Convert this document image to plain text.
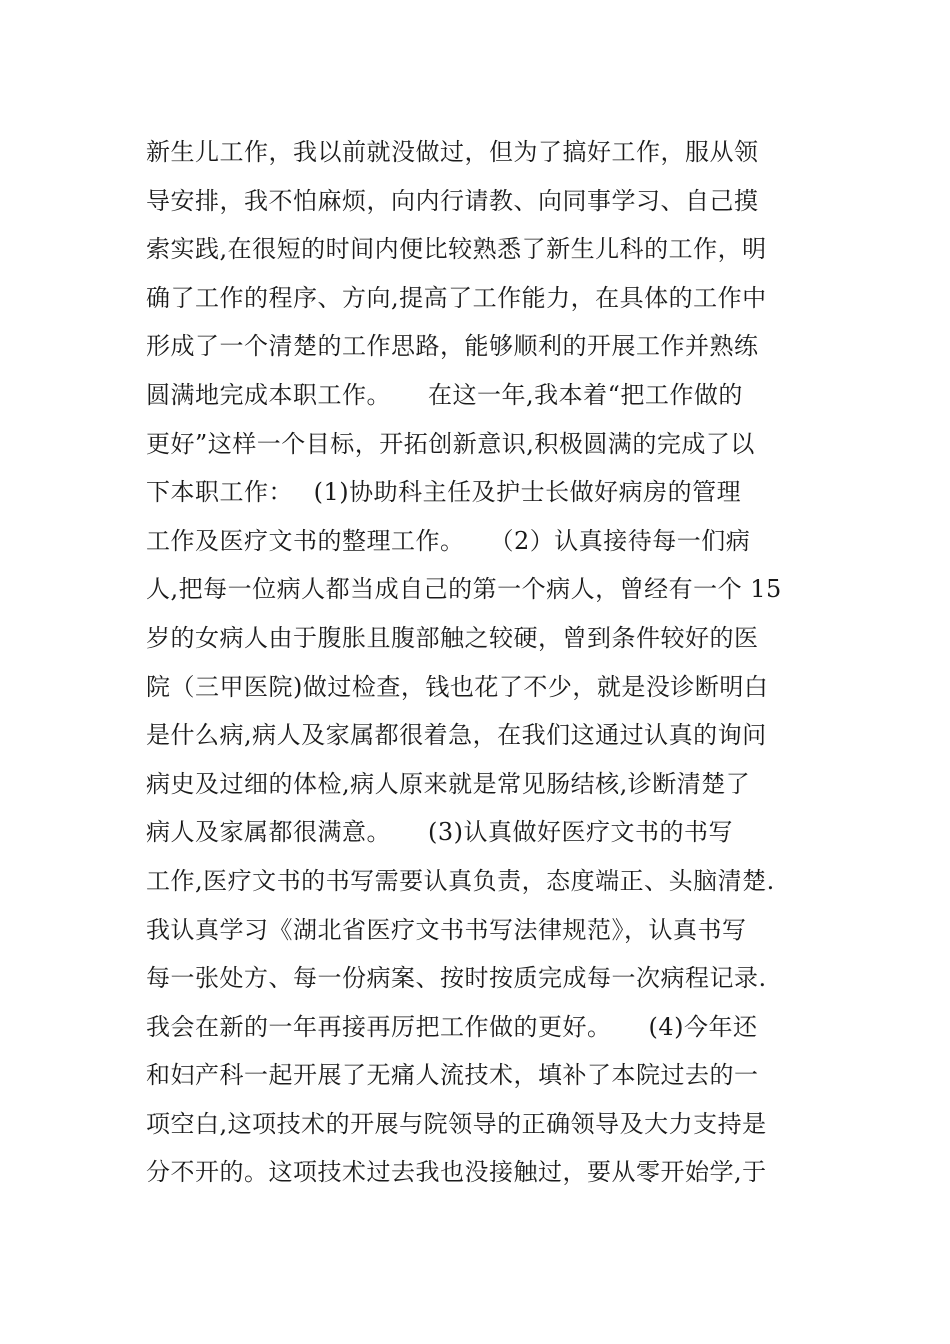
新生儿工作，我以前就没做过，但为了搞好工作，服从领
导安排，我不怕麻烦，向内行请教、向同事学习、自己摸
索实践,在很短的时间内便比较熟悉了新生儿科的工作，明
确了工作的程序、方向,提高了工作能力，在具体的工作中
形成了一个清楚的工作思路，能够顺利的开展工作并熟练
圆满地完成本职工作。　　在这一年,我本着“把工作做的
更好”这样一个目标，开拓创新意识,积极圆满的完成了以
下本职工作：　 (1)协助科主任及护士长做好病房的管理
工作及医疗文书的整理工作。　　（2）认真接待每一们病
人,把每一位病人都当成自己的第一个病人，曾经有一个 15
岁的女病人由于腹胀且腹部触之较硬，曾到条件较好的医
院（三甲医院)做过检查，钱也花了不少，就是没诊断明白
是什么病,病人及家属都很着急，在我们这通过认真的询问
病史及过细的体检,病人原来就是常见肠结核,诊断清楚了
病人及家属都很满意。　　(3)认真做好医疗文书的书写
工作,医疗文书的书写需要认真负责，态度端正、头脑清楚.
我认真学习《湖北省医疗文书书写法律规范》，认真书写
每一张处方、每一份病案、按时按质完成每一次病程记录.
我会在新的一年再接再厉把工作做的更好。　　(4)今年还
和妇产科一起开展了无痛人流技术，填补了本院过去的一
项空白,这项技术的开展与院领导的正确领导及大力支持是
分不开的。这项技术过去我也没接触过，要从零开始学,于
